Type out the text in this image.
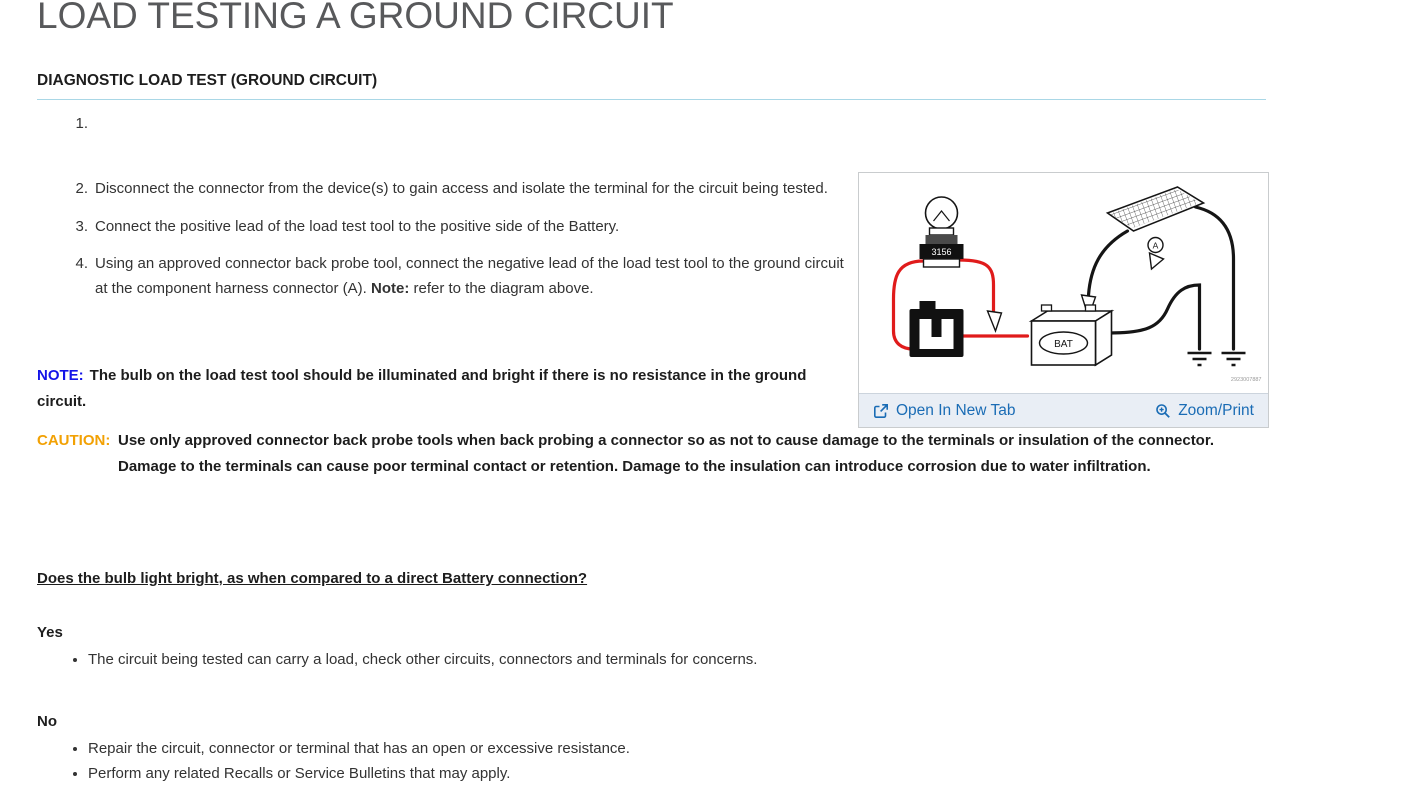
LOAD TESTING A GROUND CIRCUIT
DIAGNOSTIC LOAD TEST (GROUND CIRCUIT)
1.
2. Disconnect the connector from the device(s) to gain access and isolate the terminal for the circuit being tested.
3. Connect the positive lead of the load test tool to the positive side of the Battery.
4. Using an approved connector back probe tool, connect the negative lead of the load test tool to the ground circuit at the component harness connector (A). Note: refer to the diagram above.
NOTE: The bulb on the load test tool should be illuminated and bright if there is no resistance in the ground circuit.
CAUTION: Use only approved connector back probe tools when back probing a connector so as not to cause damage to the terminals or insulation of the connector. Damage to the terminals can cause poor terminal contact or retention. Damage to the insulation can introduce corrosion due to water infiltration.
Does the bulb light bright, as when compared to a direct Battery connection?
Yes
• The circuit being tested can carry a load, check other circuits, connectors and terminals for concerns.
No
• Repair the circuit, connector or terminal that has an open or excessive resistance.
• Perform any related Recalls or Service Bulletins that may apply.
3156
BAT
A
2923007887
Open In New Tab	Zoom/Print
